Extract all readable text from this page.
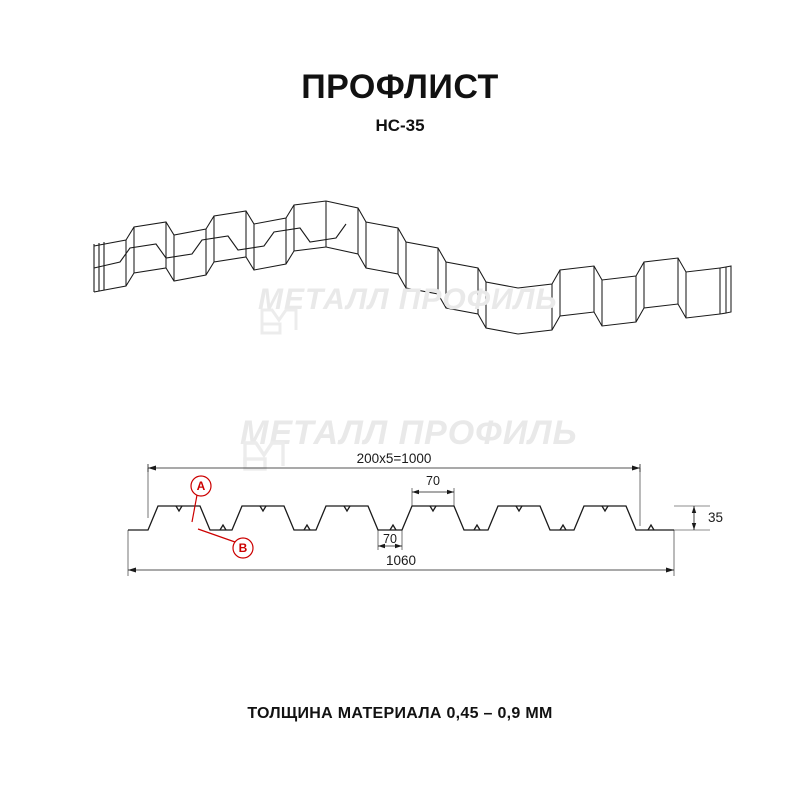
ПРОФЛИСТ
НС-35
МЕТАЛЛ ПРОФИЛЬ
МЕТАЛЛ ПРОФИЛЬ
200х5=1000
70
70
35
1060
A
B
ТОЛЩИНА МАТЕРИАЛА 0,45 – 0,9 ММ
